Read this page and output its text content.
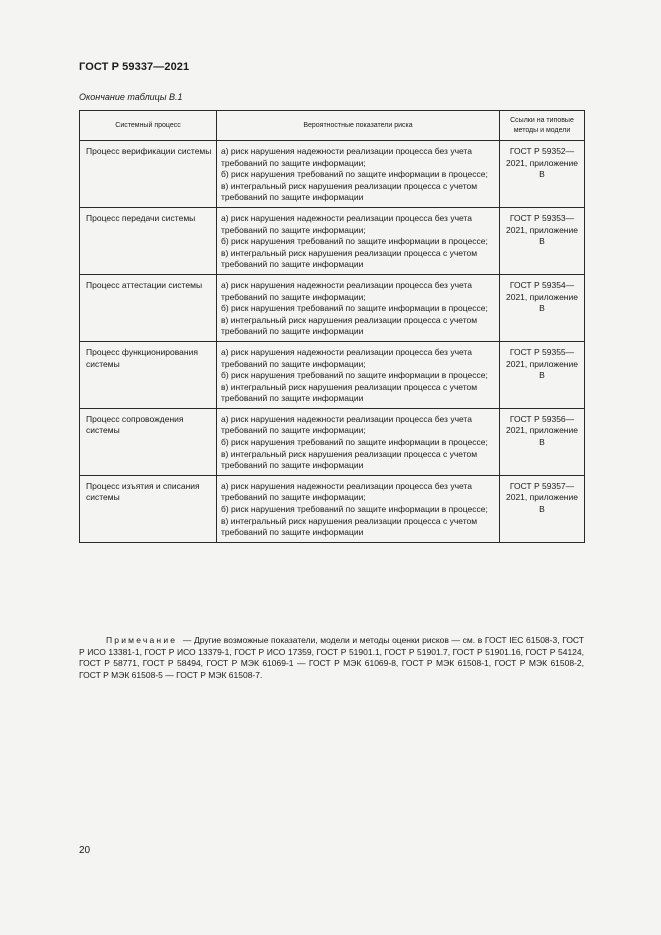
ГОСТ Р 59337—2021
Окончание таблицы В.1
Системный процесс	Вероятностные показатели риска	Ссылки на типовые методы и модели
Процесс верификации системы	а) риск нарушения надежности реализации процесса без учета требований по защите информации;
б) риск нарушения требований по защите информации в процессе;
в) интегральный риск нарушения реализации процесса с учетом требований по защите информации	ГОСТ Р 59352—2021, приложение В
Процесс передачи системы	а) риск нарушения надежности реализации процесса без учета требований по защите информации;
б) риск нарушения требований по защите информации в процессе;
в) интегральный риск нарушения реализации процесса с учетом требований по защите информации	ГОСТ Р 59353—2021, приложение В
Процесс аттестации системы	а) риск нарушения надежности реализации процесса без учета требований по защите информации;
б) риск нарушения требований по защите информации в процессе;
в) интегральный риск нарушения реализации процесса с учетом требований по защите информации	ГОСТ Р 59354—2021, приложение В
Процесс функционирования системы	а) риск нарушения надежности реализации процесса без учета требований по защите информации;
б) риск нарушения требований по защите информации в процессе;
в) интегральный риск нарушения реализации процесса с учетом требований по защите информации	ГОСТ Р 59355—2021, приложение В
Процесс сопровождения системы	а) риск нарушения надежности реализации процесса без учета требований по защите информации;
б) риск нарушения требований по защите информации в процессе;
в) интегральный риск нарушения реализации процесса с учетом требований по защите информации	ГОСТ Р 59356—2021, приложение В
Процесс изъятия и списания системы	а) риск нарушения надежности реализации процесса без учета требований по защите информации;
б) риск нарушения требований по защите информации в процессе;
в) интегральный риск нарушения реализации процесса с учетом требований по защите информации	ГОСТ Р 59357—2021, приложение В
Примечание — Другие возможные показатели, модели и методы оценки рисков — см. в ГОСТ IEC 61508-3, ГОСТ Р ИСО 13381-1, ГОСТ Р ИСО 13379-1, ГОСТ Р ИСО 17359, ГОСТ Р 51901.1, ГОСТ Р 51901.7, ГОСТ Р 51901.16, ГОСТ Р 54124, ГОСТ Р 58771, ГОСТ Р 58494, ГОСТ Р МЭК 61069-1 — ГОСТ Р МЭК 61069-8, ГОСТ Р МЭК 61508-1, ГОСТ Р МЭК 61508-2, ГОСТ Р МЭК 61508-5 — ГОСТ Р МЭК 61508-7.
20
